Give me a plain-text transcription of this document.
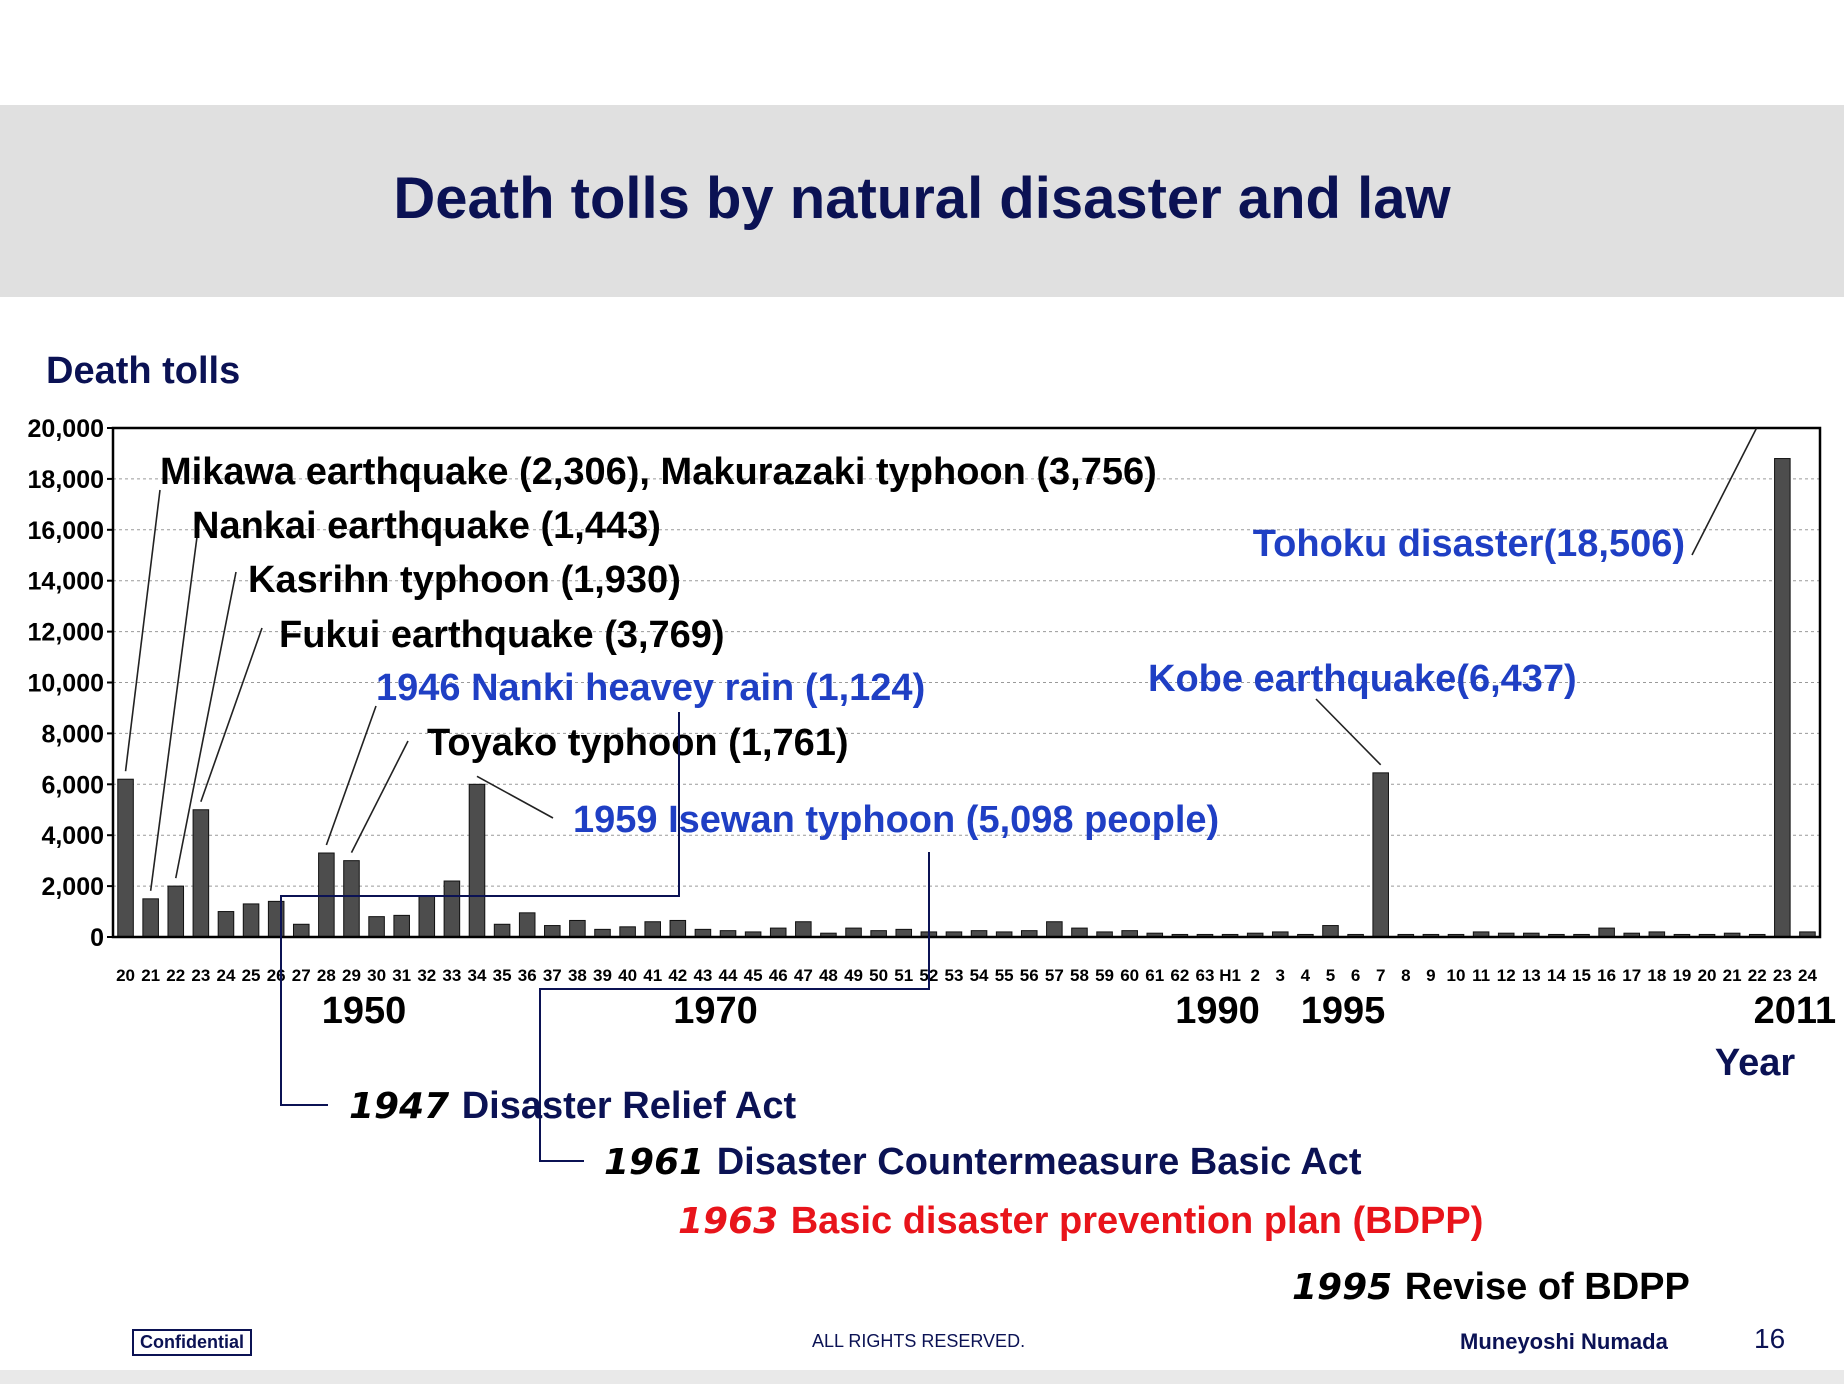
Death tolls by natural disaster and law
Death tolls
0
2,000
4,000
6,000
8,000
10,000
12,000
14,000
16,000
18,000
20,000
20 21 22 23 24 25 26 27 28 29 30 31 32 33 34 35 36 37 38 39 40 41 42 43 44 45 46 47 48 49 50 51 52 53 54 55 56 57 58 59 60 61 62 63 H1 2 3 4 5 6 7 8 9 10 11 12 13 14 15 16 17 18 19 20 21 22 23 24
1950	1970	1990 1995	2011
Year
Mikawa earthquake (2,306), Makurazaki typhoon (3,756)
Nankai earthquake (1,443)
Kasrihn typhoon (1,930)
Fukui earthquake (3,769)
1946 Nanki heavey rain (1,124)
Toyako typhoon (1,761)
1959 Isewan typhoon (5,098 people)
Kobe earthquake(6,437)
Tohoku disaster(18,506)
1947 Disaster Relief Act
1961 Disaster Countermeasure Basic Act
1963 Basic disaster prevention plan (BDPP)
1995 Revise of BDPP
Confidential	ALL RIGHTS RESERVED.	Muneyoshi Numada	16
